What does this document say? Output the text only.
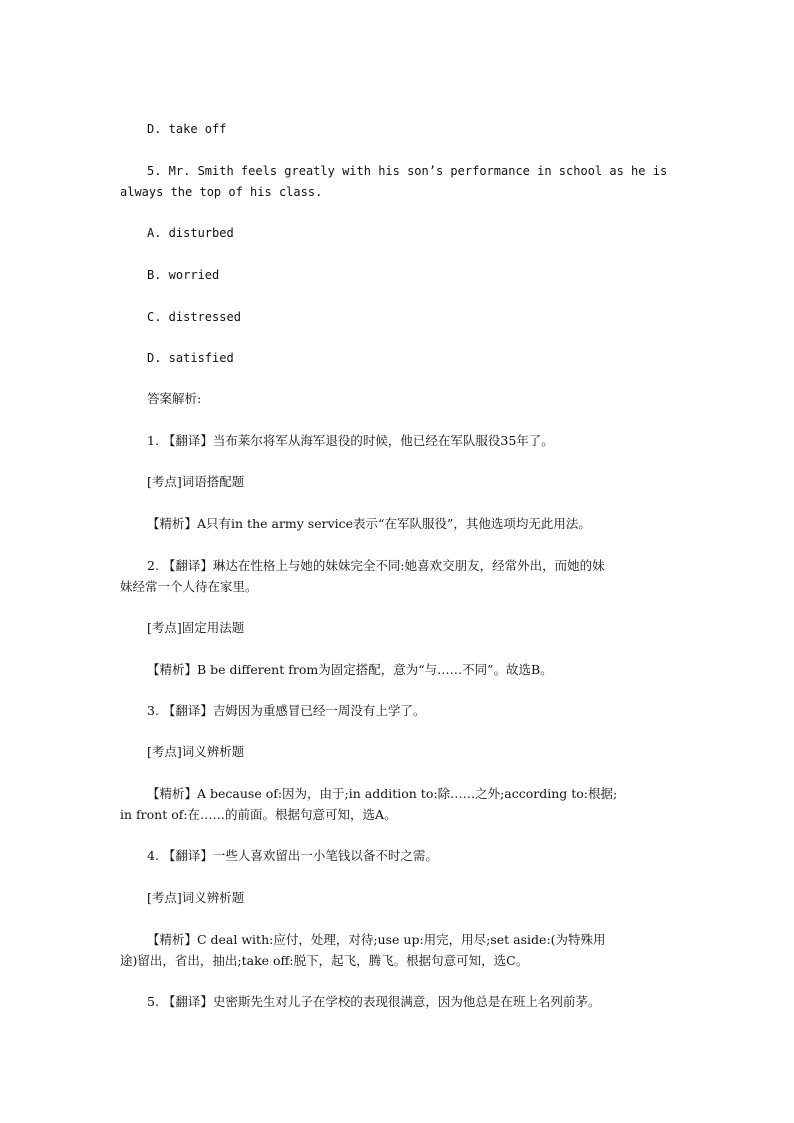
D. take off
5. Mr. Smith feels greatly with his son’s performance in school as he is
always the top of his class.
A. disturbed
B. worried
C. distressed
D. satisfied
答案解析:
1. 【翻译】当布莱尔将军从海军退役的时候，他已经在军队服役35年了。
[考点]词语搭配题
【精析】A只有in the army service表示“在军队服役”，其他选项均无此用法。
2. 【翻译】琳达在性格上与她的妹妹完全不同:她喜欢交朋友，经常外出，而她的妹
妹经常一个人待在家里。
[考点]固定用法题
【精析】B be different from为固定搭配，意为“与……不同”。故选B。
3. 【翻译】吉姆因为重感冒已经一周没有上学了。
[考点]词义辨析题
【精析】A because of:因为，由于;in addition to:除……之外;according to:根据;
in front of:在……的前面。根据句意可知，选A。
4. 【翻译】一些人喜欢留出一小笔钱以备不时之需。
[考点]词义辨析题
【精析】C deal with:应付，处理，对待;use up:用完，用尽;set aside:(为特殊用
途)留出，省出，抽出;take off:脱下，起飞，腾飞。根据句意可知，选C。
5. 【翻译】史密斯先生对儿子在学校的表现很满意，因为他总是在班上名列前茅。
